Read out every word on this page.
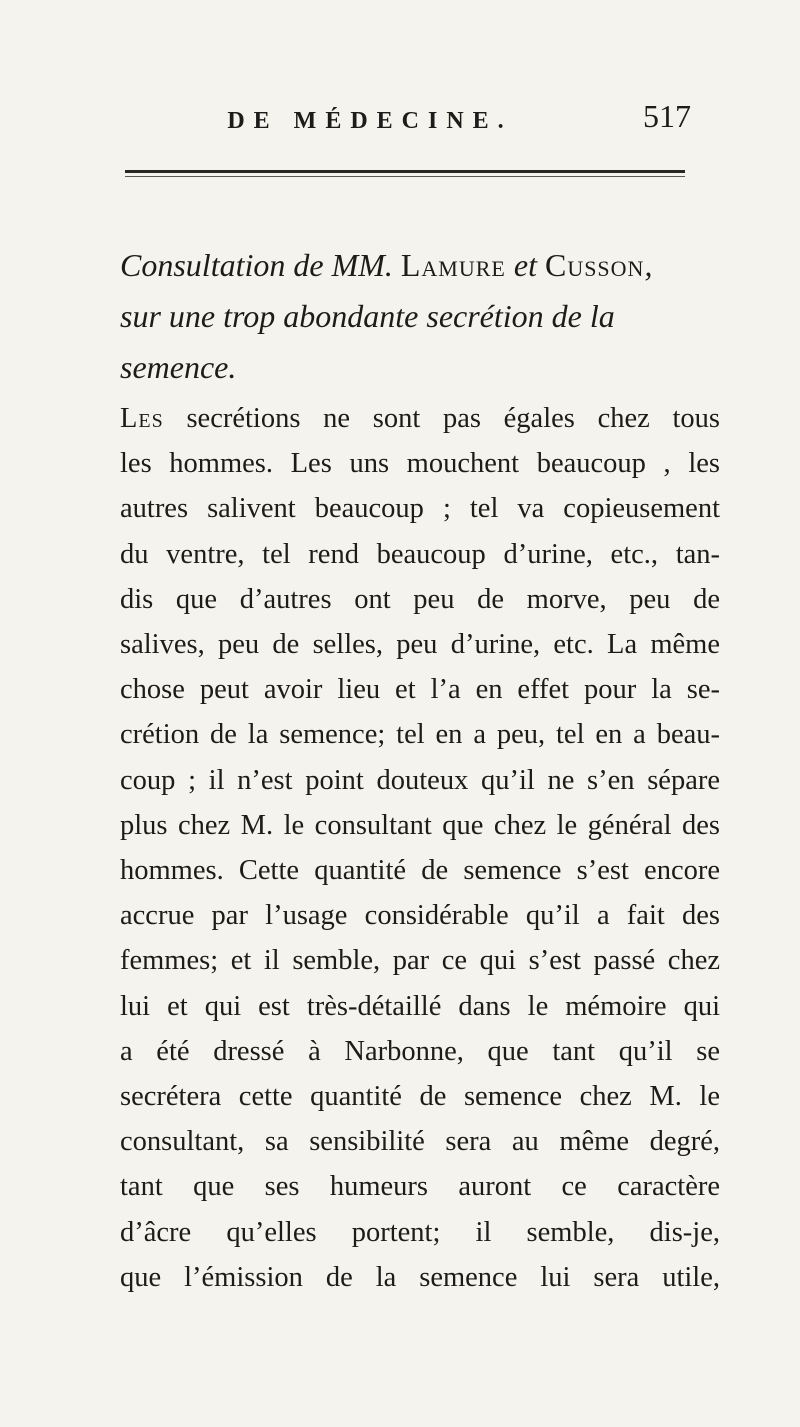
DE MÉDECINE.	517
Consultation de MM. Lamure et Cusson,
sur une trop abondante secrétion de la
semence.
Les secrétions ne sont pas égales chez tous
les hommes. Les uns mouchent beaucoup , les
autres salivent beaucoup ; tel va copieusement
du ventre, tel rend beaucoup d’urine, etc., tan-
dis que d’autres ont peu de morve, peu de
salives, peu de selles, peu d’urine, etc. La même
chose peut avoir lieu et l’a en effet pour la se-
crétion de la semence; tel en a peu, tel en a beau-
coup ; il n’est point douteux qu’il ne s’en sépare
plus chez M. le consultant que chez le général des
hommes. Cette quantité de semence s’est encore
accrue par l’usage considérable qu’il a fait des
femmes; et il semble, par ce qui s’est passé chez
lui et qui est très-détaillé dans le mémoire qui
a été dressé à Narbonne, que tant qu’il se
secrétera cette quantité de semence chez M. le
consultant, sa sensibilité sera au même degré,
tant que ses humeurs auront ce caractère
d’âcre qu’elles portent; il semble, dis-je,
que l’émission de la semence lui sera utile,
